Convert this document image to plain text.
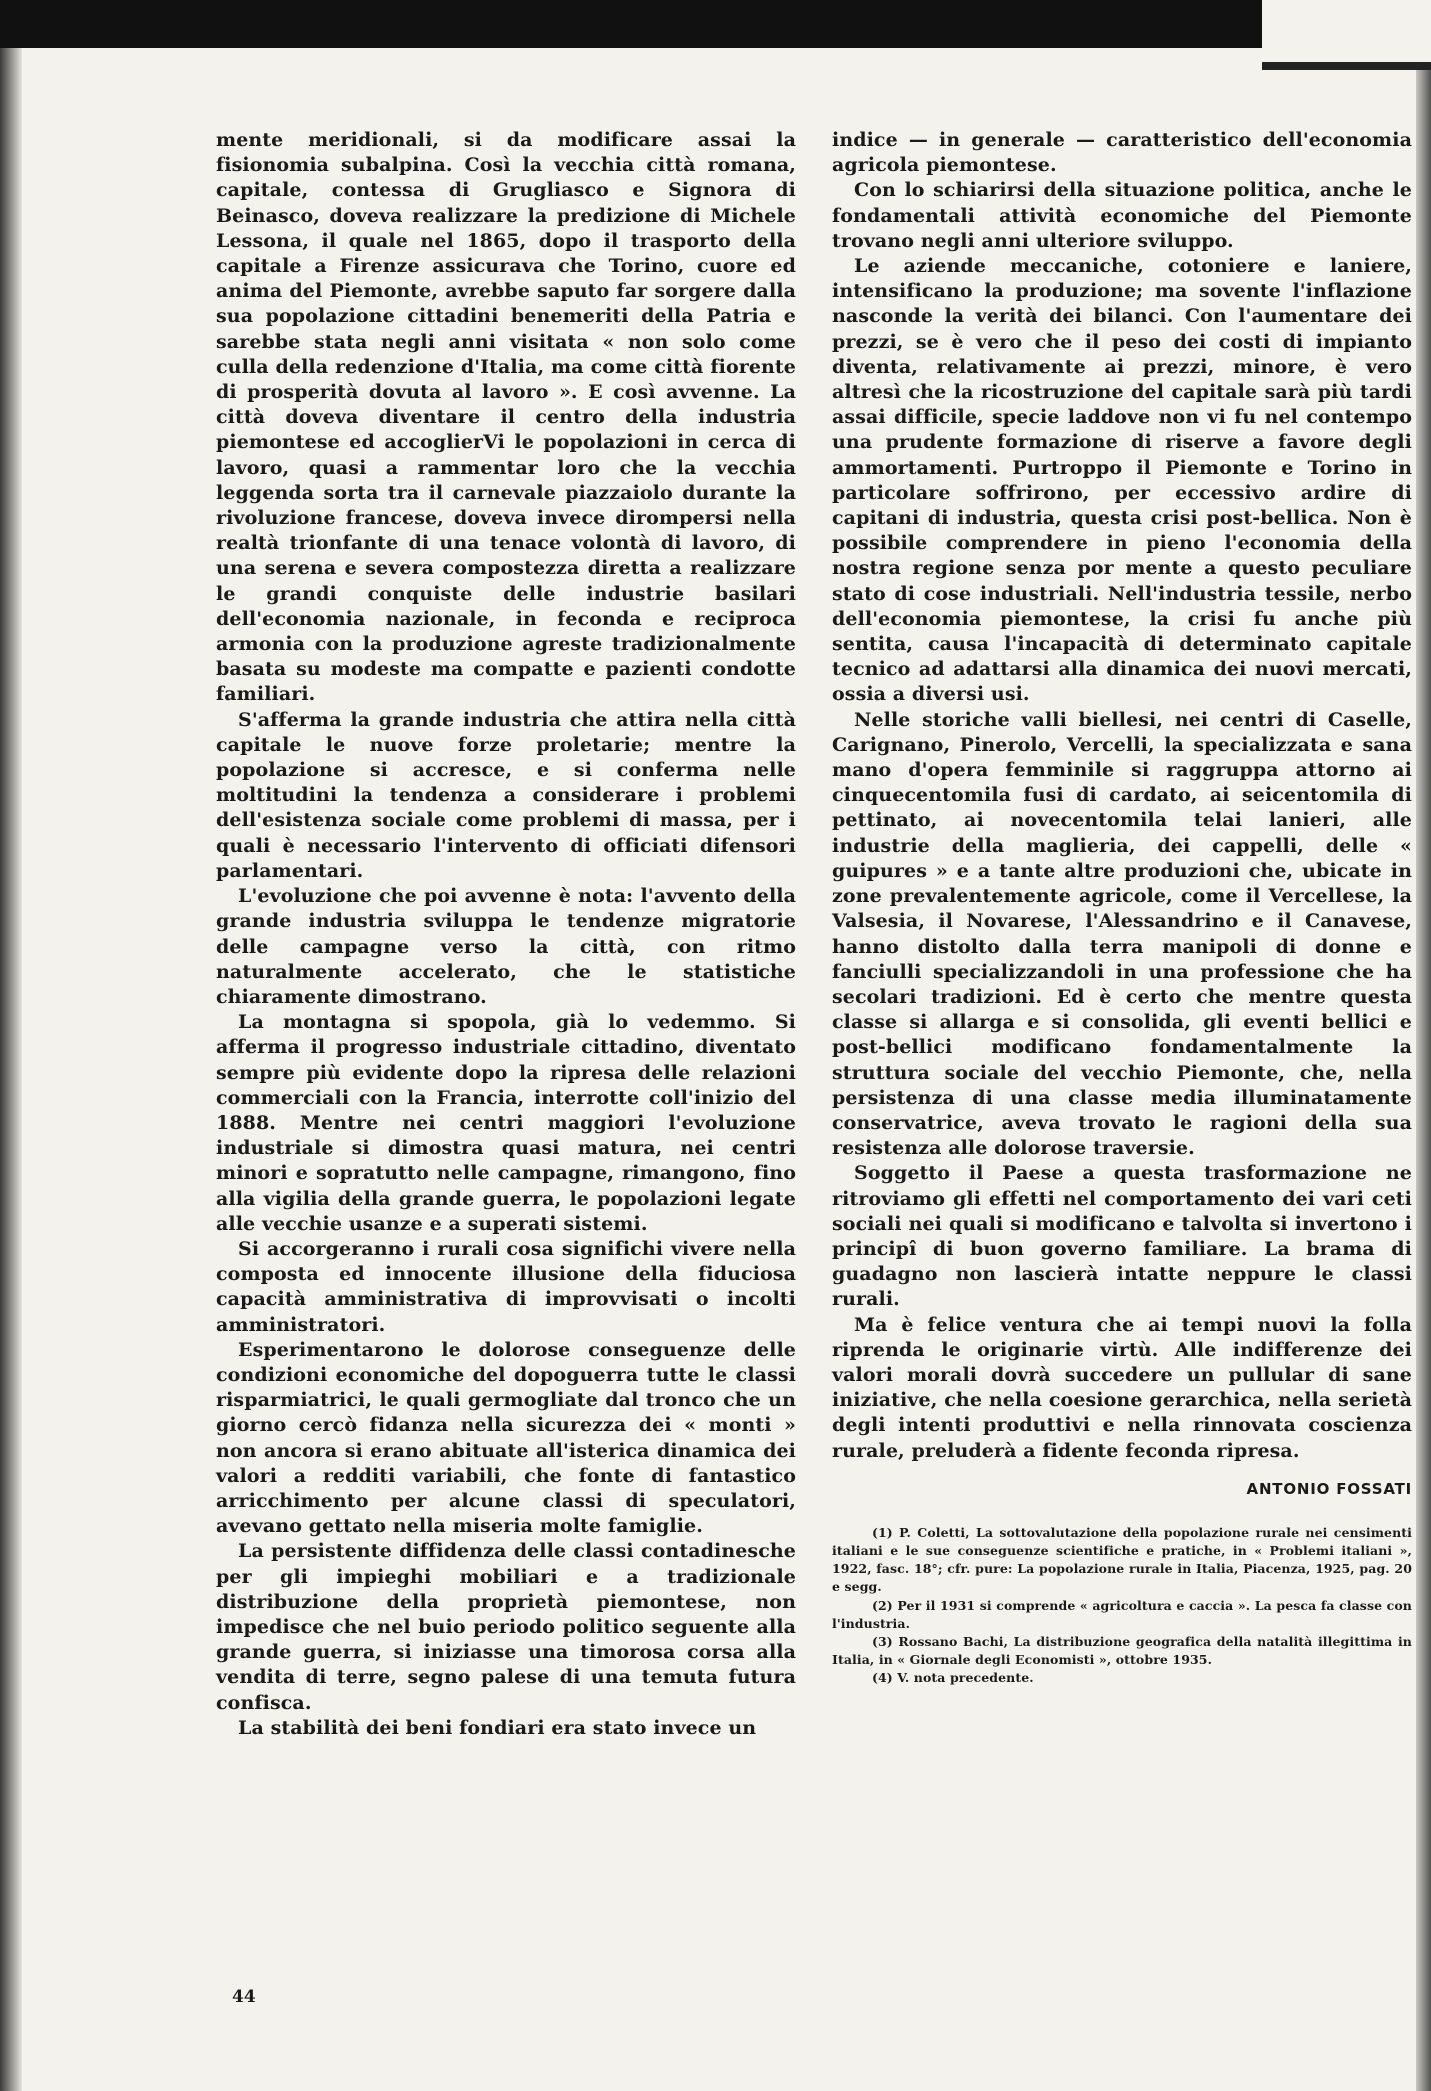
mente meridionali, si da modificare assai la fisionomia subalpina. Così la vecchia città romana, capitale, contessa di Grugliasco e Signora di Beinasco, doveva realizzare la predizione di Michele Lessona, il quale nel 1865, dopo il trasporto della capitale a Firenze assicurava che Torino, cuore ed anima del Piemonte, avrebbe saputo far sorgere dalla sua popolazione cittadini benemeriti della Patria e sarebbe stata negli anni visitata « non solo come culla della redenzione d'Italia, ma come città fiorente di prosperità dovuta al lavoro ». E così avvenne. La città doveva diventare il centro della industria piemontese ed accoglierVi le popolazioni in cerca di lavoro, quasi a rammentar loro che la vecchia leggenda sorta tra il carnevale piazzaiolo durante la rivoluzione francese, doveva invece dirompersi nella realtà trionfante di una tenace volontà di lavoro, di una serena e severa compostezza diretta a realizzare le grandi conquiste delle industrie basilari dell'economia nazionale, in feconda e reciproca armonia con la produzione agreste tradizionalmente basata su modeste ma compatte e pazienti condotte familiari.

S'afferma la grande industria che attira nella città capitale le nuove forze proletarie; mentre la popolazione si accresce, e si conferma nelle moltitudini la tendenza a considerare i problemi dell'esistenza sociale come problemi di massa, per i quali è necessario l'intervento di officiati difensori parlamentari.

L'evoluzione che poi avvenne è nota: l'avvento della grande industria sviluppa le tendenze migratorie delle campagne verso la città, con ritmo naturalmente accelerato, che le statistiche chiaramente dimostrano.

La montagna si spopola, già lo vedemmo. Si afferma il progresso industriale cittadino, diventato sempre più evidente dopo la ripresa delle relazioni commerciali con la Francia, interrotte coll'inizio del 1888. Mentre nei centri maggiori l'evoluzione industriale si dimostra quasi matura, nei centri minori e sopratutto nelle campagne, rimangono, fino alla vigilia della grande guerra, le popolazioni legate alle vecchie usanze e a superati sistemi.

Si accorgeranno i rurali cosa significhi vivere nella composta ed innocente illusione della fiduciosa capacità amministrativa di improvvisati o incolti amministratori.

Esperimentarono le dolorose conseguenze delle condizioni economiche del dopoguerra tutte le classi risparmiatrici, le quali germogliate dal tronco che un giorno cercò fidanza nella sicurezza dei « monti » non ancora si erano abituate all'isterica dinamica dei valori a redditi variabili, che fonte di fantastico arricchimento per alcune classi di speculatori, avevano gettato nella miseria molte famiglie.

La persistente diffidenza delle classi contadinesche per gli impieghi mobiliari e a tradizionale distribuzione della proprietà piemontese, non impedisce che nel buio periodo politico seguente alla grande guerra, si iniziasse una timorosa corsa alla vendita di terre, segno palese di una temuta futura confisca.

La stabilità dei beni fondiari era stato invece un

indice — in generale — caratteristico dell'economia agricola piemontese.

Con lo schiarirsi della situazione politica, anche le fondamentali attività economiche del Piemonte trovano negli anni ulteriore sviluppo.

Le aziende meccaniche, cotoniere e laniere, intensificano la produzione; ma sovente l'inflazione nasconde la verità dei bilanci. Con l'aumentare dei prezzi, se è vero che il peso dei costi di impianto diventa, relativamente ai prezzi, minore, è vero altresì che la ricostruzione del capitale sarà più tardi assai difficile, specie laddove non vi fu nel contempo una prudente formazione di riserve a favore degli ammortamenti. Purtroppo il Piemonte e Torino in particolare soffrirono, per eccessivo ardire di capitani di industria, questa crisi post-bellica. Non è possibile comprendere in pieno l'economia della nostra regione senza por mente a questo peculiare stato di cose industriali. Nell'industria tessile, nerbo dell'economia piemontese, la crisi fu anche più sentita, causa l'incapacità di determinato capitale tecnico ad adattarsi alla dinamica dei nuovi mercati, ossia a diversi usi.

Nelle storiche valli biellesi, nei centri di Caselle, Carignano, Pinerolo, Vercelli, la specializzata e sana mano d'opera femminile si raggruppa attorno ai cinquecentomila fusi di cardato, ai seicentomila di pettinato, ai novecentomila telai lanieri, alle industrie della maglieria, dei cappelli, delle « guipures » e a tante altre produzioni che, ubicate in zone prevalentemente agricole, come il Vercellese, la Valsesia, il Novarese, l'Alessandrino e il Canavese, hanno distolto dalla terra manipoli di donne e fanciulli specializzandoli in una professione che ha secolari tradizioni. Ed è certo che mentre questa classe si allarga e si consolida, gli eventi bellici e post-bellici modificano fondamentalmente la struttura sociale del vecchio Piemonte, che, nella persistenza di una classe media illuminatamente conservatrice, aveva trovato le ragioni della sua resistenza alle dolorose traversie.

Soggetto il Paese a questa trasformazione ne ritroviamo gli effetti nel comportamento dei vari ceti sociali nei quali si modificano e talvolta si invertono i principî di buon governo familiare. La brama di guadagno non lascierà intatte neppure le classi rurali.

Ma è felice ventura che ai tempi nuovi la folla riprenda le originarie virtù. Alle indifferenze dei valori morali dovrà succedere un pullular di sane iniziative, che nella coesione gerarchica, nella serietà degli intenti produttivi e nella rinnovata coscienza rurale, preluderà a fidente feconda ripresa.

ANTONIO FOSSATI

(1) P. Coletti, La sottovalutazione della popolazione rurale nei censimenti italiani e le sue conseguenze scientifiche e pratiche, in « Problemi italiani », 1922, fasc. 18°; cfr. pure: La popolazione rurale in Italia, Piacenza, 1925, pag. 20 e segg.

(2) Per il 1931 si comprende « agricoltura e caccia ». La pesca fa classe con l'industria.

(3) Rossano Bachi, La distribuzione geografica della natalità illegittima in Italia, in « Giornale degli Economisti », ottobre 1935.

(4) V. nota precedente.

44
